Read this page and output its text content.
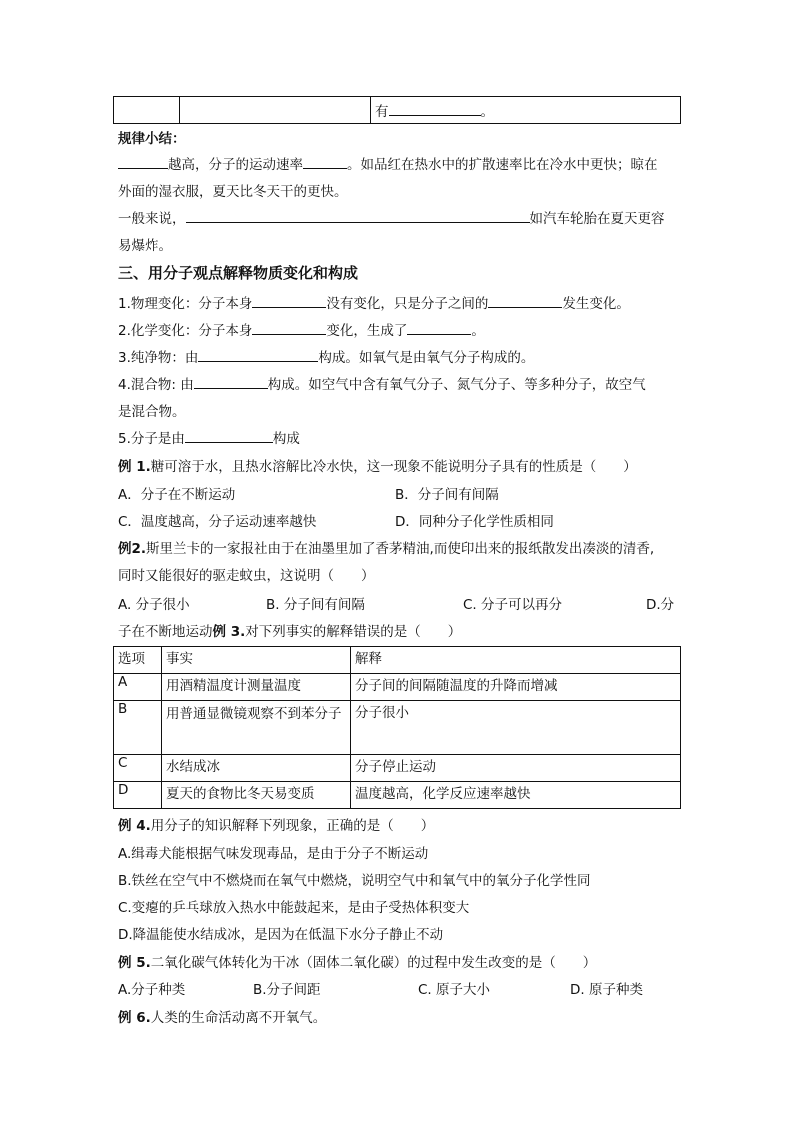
		有	。
规律小结：
越高，分子的运动速率	。如品红在热水中的扩散速率比在冷水中更快；晾在
外面的湿衣服，夏天比冬天干的更快。
一般来说，	如汽车轮胎在夏天更容
易爆炸。
三、用分子观点解释物质变化和构成
1.物理变化：分子本身	没有变化，只是分子之间的	发生变化。
2.化学变化：分子本身	变化，生成了	。
3.纯净物：由	构成。如氧气是由氧气分子构成的。
4.混合物: 由	构成。如空气中含有氧气分子、氮气分子、等多种分子，故空气
是混合物。
5.分子是由	构成
例 1.糖可溶于水，且热水溶解比冷水快，这一现象不能说明分子具有的性质是（　　）
A．分子在不断运动	B．分子间有间隔
C．温度越高，分子运动速率越快	D．同种分子化学性质相同
例2.斯里兰卡的一家报社由于在油墨里加了香茅精油,而使印出来的报纸散发出凑淡的清香,
同时又能很好的驱走蚊虫，这说明（　　）
A. 分子很小	B. 分子间有间隔	C. 分子可以再分	D.分
子在不断地运动例 3.对下列事实的解释错误的是（　　）
选项	事实	解释
A	用酒精温度计测量温度	分子间的间隔随温度的升降而增减
B	用普通显微镜观察不到苯分子	分子很小
C	水结成冰	分子停止运动
D	夏天的食物比冬天易变质	温度越高，化学反应速率越快
例 4.用分子的知识解释下列现象，正确的是（　　）
A.缉毒犬能根据气味发现毒品，是由于分子不断运动
B.铁丝在空气中不燃烧而在氧气中燃烧，说明空气中和氧气中的氧分子化学性同
C.变瘪的乒乓球放入热水中能鼓起来，是由子受热体积变大
D.降温能使水结成冰，是因为在低温下水分子静止不动
例 5.二氧化碳气体转化为干冰（固体二氧化碳）的过程中发生改变的是（　　）
A.分子种类	B.分子间距	C. 原子大小	D. 原子种类
例 6.人类的生命活动离不开氧气。
